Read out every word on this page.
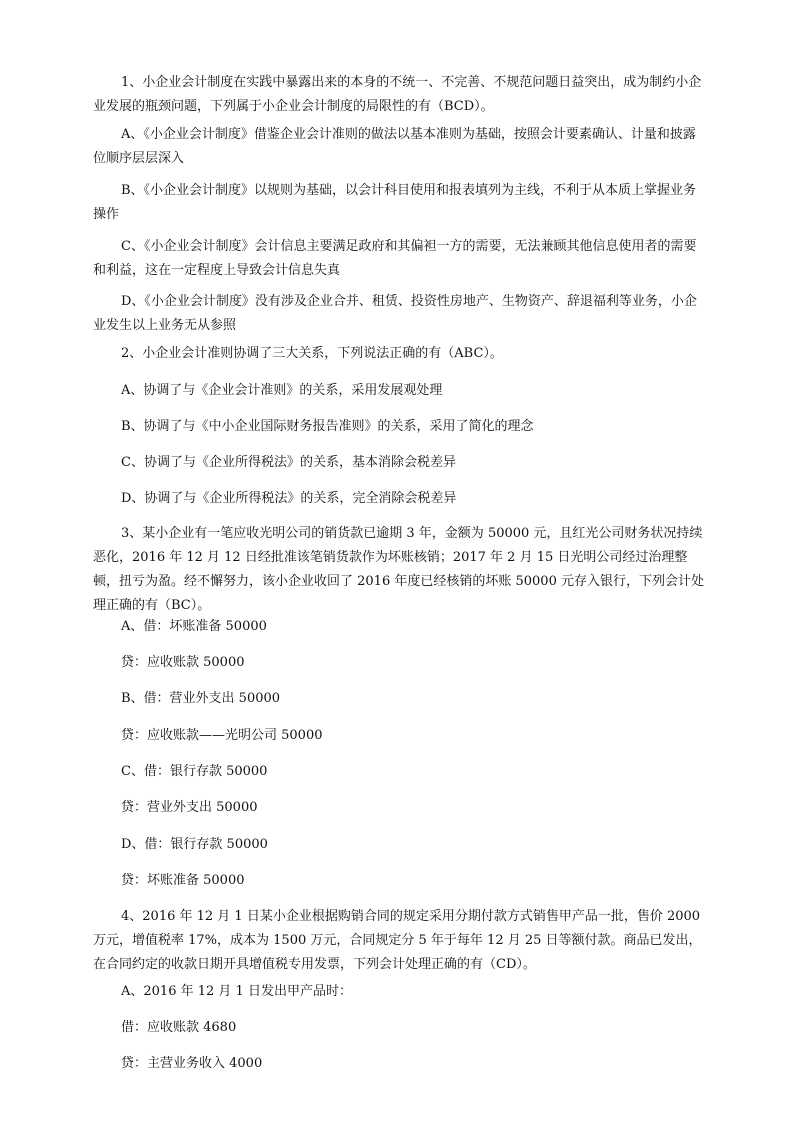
1、小企业会计制度在实践中暴露出来的本身的不统一、不完善、不规范问题日益突出，成为制约小企业发展的瓶颈问题，下列属于小企业会计制度的局限性的有（BCD）。

A、《小企业会计制度》借鉴企业会计准则的做法以基本准则为基础，按照会计要素确认、计量和披露位顺序层层深入

B、《小企业会计制度》以规则为基础，以会计科目使用和报表填列为主线，不利于从本质上掌握业务操作

C、《小企业会计制度》会计信息主要满足政府和其偏袒一方的需要，无法兼顾其他信息使用者的需要和利益，这在一定程度上导致会计信息失真

D、《小企业会计制度》没有涉及企业合并、租赁、投资性房地产、生物资产、辞退福利等业务，小企业发生以上业务无从参照

2、小企业会计准则协调了三大关系，下列说法正确的有（ABC）。

A、协调了与《企业会计准则》的关系，采用发展观处理

B、协调了与《中小企业国际财务报告准则》的关系，采用了简化的理念

C、协调了与《企业所得税法》的关系，基本消除会税差异

D、协调了与《企业所得税法》的关系，完全消除会税差异

3、某小企业有一笔应收光明公司的销货款已逾期 3 年，金额为 50000 元，且红光公司财务状况持续恶化，2016 年 12 月 12 日经批准该笔销货款作为坏账核销；2017 年 2 月 15 日光明公司经过治理整顿，扭亏为盈。经不懈努力，该小企业收回了 2016 年度已经核销的坏账 50000 元存入银行，下列会计处理正确的有（BC）。

A、借：坏账准备 50000

贷：应收账款 50000

B、借：营业外支出 50000

贷：应收账款——光明公司 50000

C、借：银行存款 50000

贷：营业外支出 50000

D、借：银行存款 50000

贷：坏账准备 50000

4、2016 年 12 月 1 日某小企业根据购销合同的规定采用分期付款方式销售甲产品一批，售价 2000 万元，增值税率 17%，成本为 1500 万元，合同规定分 5 年于每年 12 月 25 日等额付款。商品已发出，在合同约定的收款日期开具增值税专用发票，下列会计处理正确的有（CD）。

A、2016 年 12 月 1 日发出甲产品时：

借：应收账款 4680

贷：主营业务收入 4000
